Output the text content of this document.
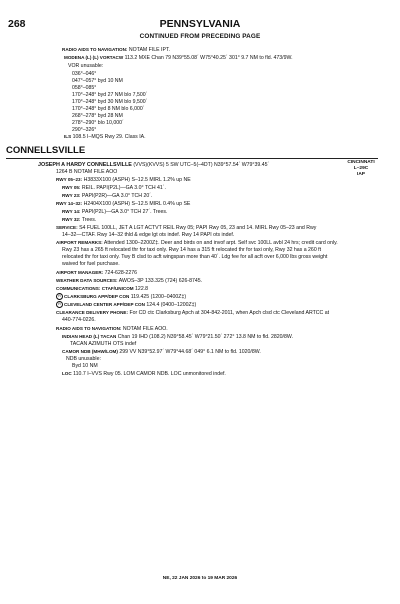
268	PENNSYLVANIA
CONTINUED FROM PRECEDING PAGE
RADIO AIDS TO NAVIGATION: NOTAM FILE IPT.
MODENA (L) (L) VORTACW 113.2 MXE Chan 79 N39°55.08´ W75°40.25´ 301° 9.7 NM to fld. 473/9W.
VOR unusable:
036°–046°
047°–057° byd 10 NM
058°–085°
170°–248° byd 27 NM blo 7,500´
170°–248° byd 30 NM blo 9,500´
170°–248° byd 8 NM blo 6,000´
268°–278° byd 28 NM
278°–290° blo 10,000´
290°–326°
ILS 108.5 I–MQS Rwy 29. Class IA.
CONNELLSVILLE
JOSEPH A HARDY CONNELLSVILLE (VVS)(KVVS) 5 SW UTC–5(–4DT) N39°57.54´ W79°39.45´	CINCINNATI
L–29C
IAP
1264 B NOTAM FILE AOO
RWY 05–23: H3833X100 (ASPH) S–12.5 MIRL 1.2% up NE
RWY 05: REIL. PAPI(P2L)—GA 3.0° TCH 41´.
RWY 23: PAPI(P2R)—GA 3.0° TCH 20´.
RWY 14–32: H2404X100 (ASPH) S–12.5 MIRL 0.4% up SE
RWY 14: PAPI(P2L)—GA 3.0° TCH 27´. Trees.
RWY 32: Trees.
SERVICE: S4 FUEL 100LL, JET A LGT ACTVT REIL Rwy 05; PAPI Rwy 05, 23 and 14. MIRL Rwy 05–23 and Rwy
14–32—CTAF. Rwy 14–32 thld & edge lgt ots indef. Rwy 14 PAPI ots indef.
AIRPORT REMARKS: Attended 1300–2200Z‡. Deer and birds on and invof arpt. Self svc 100LL avbl 24 hrs; credit card only.
Rwy 23 has a 265 ft relocated thr for taxi only. Rwy 14 has a 315 ft relocated thr for taxi only, Rwy 32 has a 260 ft
relocated thr for taxi only. Twy B clsd to acft wingspan more than 40´. Ldg fee for all acft over 6,000 lbs gross weight
waived for fuel purchase.
AIRPORT MANAGER: 724-628-2276
WEATHER DATA SOURCES: AWOS–3P 133.325 (724) 626-8745.
COMMUNICATIONS: CTAF/UNICOM 122.8
R CLARKSBURG APP/DEP CON 119.425 (1200–0400Z‡)
R CLEVELAND CENTER APP/DEP CON 124.4 (0400–1200Z‡)
CLEARANCE DELIVERY PHONE: For CD ctc Clarksburg Apch at 304-842-2011, when Apch clsd ctc Cleveland ARTCC at
440-774-0226.
RADIO AIDS TO NAVIGATION: NOTAM FILE AOO.
INDIAN HEAD (L) TACAN Chan 19 IHD (108.2) N39°58.45´ W79°21.50´ 272° 13.8 NM to fld. 2820/8W.
TACAN AZIMUTH OTS indef
CAMOR NDB (MHW/LOM) 299 VV N39°52.97´ W79°44.68´ 049° 6.1 NM to fld. 1020/8W.
NDB unusable:
Byd 10 NM
LOC 110.7 I–VVS Rwy 05. LOM CAMOR NDB. LOC unmonitored indef.
NE, 22 JAN 2026 to 19 MAR 2026
